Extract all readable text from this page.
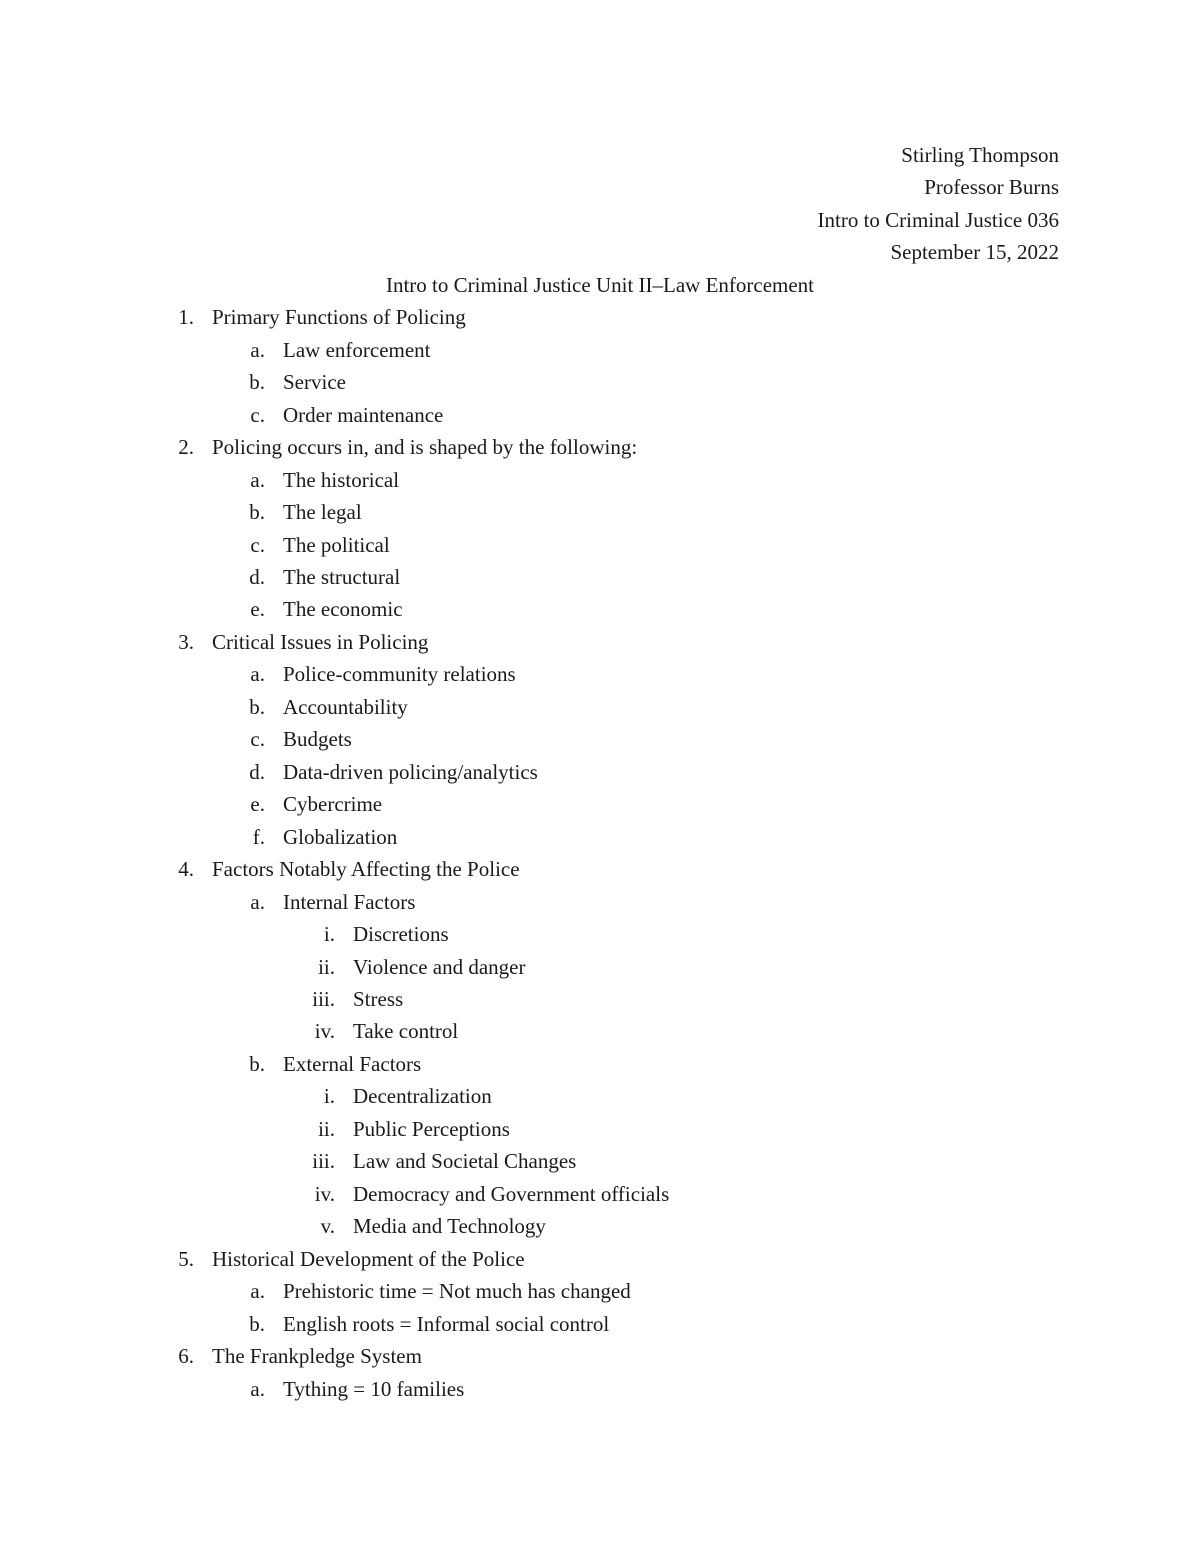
Stirling Thompson
Professor Burns
Intro to Criminal Justice 036
September 15, 2022
Intro to Criminal Justice Unit II–Law Enforcement
1. Primary Functions of Policing
a. Law enforcement
b. Service
c. Order maintenance
2. Policing occurs in, and is shaped by the following:
a. The historical
b. The legal
c. The political
d. The structural
e. The economic
3. Critical Issues in Policing
a. Police-community relations
b. Accountability
c. Budgets
d. Data-driven policing/analytics
e. Cybercrime
f. Globalization
4. Factors Notably Affecting the Police
a. Internal Factors
i. Discretions
ii. Violence and danger
iii. Stress
iv. Take control
b. External Factors
i. Decentralization
ii. Public Perceptions
iii. Law and Societal Changes
iv. Democracy and Government officials
v. Media and Technology
5. Historical Development of the Police
a. Prehistoric time = Not much has changed
b. English roots = Informal social control
6. The Frankpledge System
a. Tything = 10 families
